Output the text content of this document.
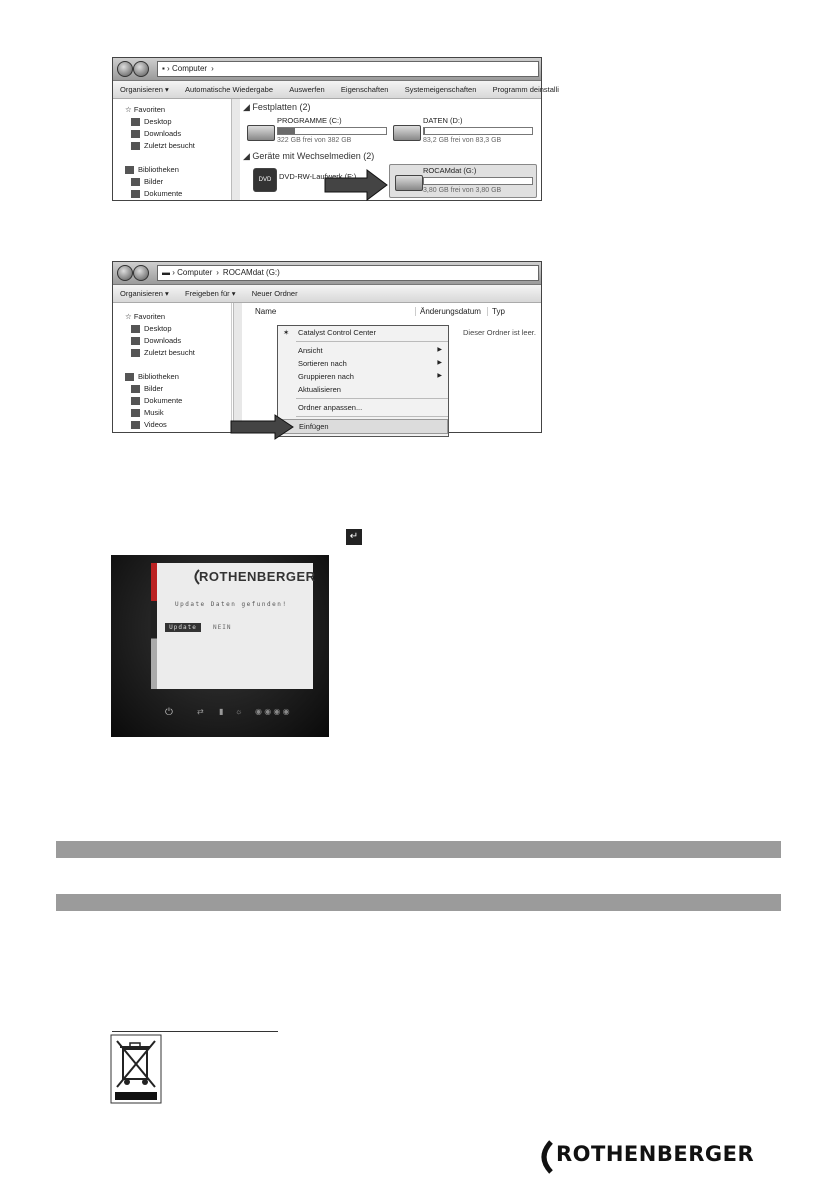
▪ › Computer ›
Organisieren ▾ Automatische Wiedergabe Auswerfen Eigenschaften Systemeigenschaften Programm deinstalli
☆ Favoriten
Desktop
Downloads
Zuletzt besucht
Bibliotheken
Bilder
Dokumente
◢ Festplatten (2)
PROGRAMME (C:)
322 GB frei von 382 GB
DATEN (D:)
83,2 GB frei von 83,3 GB
◢ Geräte mit Wechselmedien (2)
DVD	DVD-RW-Laufwerk (F:)
ROCAMdat (G:)
3,80 GB frei von 3,80 GB
▬ › Computer › ROCAMdat (G:)
Organisieren ▾ Freigeben für ▾ Neuer Ordner
☆ Favoriten
Desktop
Downloads
Zuletzt besucht
Bibliotheken
Bilder
Dokumente
Musik
Videos
Name	Änderungsdatum	Typ
Dieser Ordner ist leer.
✶ Catalyst Control Center
Ansicht	▶
Sortieren nach	▶
Gruppieren nach	▶
Aktualisieren
Ordner anpassen...
Einfügen
↵
ROTHENBERGER
Update Daten gefunden!
Update	NEIN
⏻	⇄ ▮ ☼ ◉ ◉ ◉ ◉
ROTHENBERGER
